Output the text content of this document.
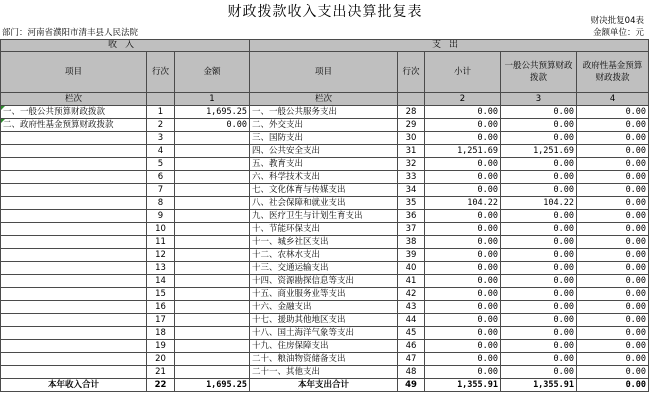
财政拨款收入支出决算批复表
财决批复04表
部门：河南省濮阳市清丰县人民法院	金额单位：元
收入			支出				
项目	行次	金额	项目	行次	小计	一般公共预算财政拨款	政府性基金预算财政拨款
栏次		1	栏次		2	3	4
一、一般公共预算财政拨款	1	1,695.25	一、一般公共服务支出	28	0.00	0.00	0.00
二、政府性基金预算财政拨款	2	0.00	二、外交支出	29	0.00	0.00	0.00
	3		三、国防支出	30	0.00	0.00	0.00
	4		四、公共安全支出	31	1,251.69	1,251.69	0.00
	5		五、教育支出	32	0.00	0.00	0.00
	6		六、科学技术支出	33	0.00	0.00	0.00
	7		七、文化体育与传媒支出	34	0.00	0.00	0.00
	8		八、社会保障和就业支出	35	104.22	104.22	0.00
	9		九、医疗卫生与计划生育支出	36	0.00	0.00	0.00
	10		十、节能环保支出	37	0.00	0.00	0.00
	11		十一、城乡社区支出	38	0.00	0.00	0.00
	12		十二、农林水支出	39	0.00	0.00	0.00
	13		十三、交通运输支出	40	0.00	0.00	0.00
	14		十四、资源勘探信息等支出	41	0.00	0.00	0.00
	15		十五、商业服务业等支出	42	0.00	0.00	0.00
	16		十六、金融支出	43	0.00	0.00	0.00
	17		十七、援助其他地区支出	44	0.00	0.00	0.00
	18		十八、国土海洋气象等支出	45	0.00	0.00	0.00
	19		十九、住房保障支出	46	0.00	0.00	0.00
	20		二十、粮油物资储备支出	47	0.00	0.00	0.00
	21		二十一、其他支出	48	0.00	0.00	0.00
本年收入合计	22	1,695.25	本年支出合计	49	1,355.91	1,355.91	0.00
